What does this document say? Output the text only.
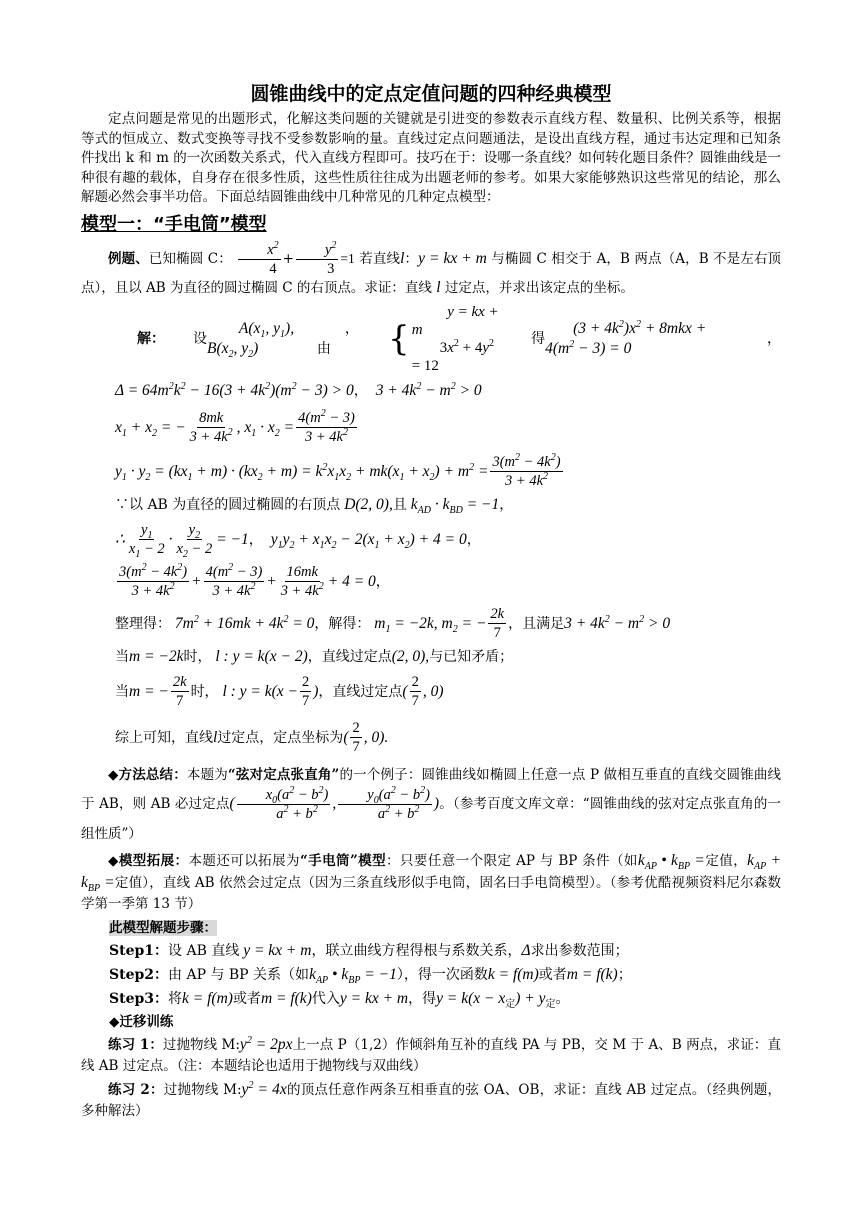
圆锥曲线中的定点定值问题的四种经典模型

定点问题是常见的出题形式，化解这类问题的关键就是引进变的参数表示直线方程、数量积、比例关系等，根据等式的恒成立、数式变换等寻找不受参数影响的量。直线过定点问题通法，是设出直线方程，通过韦达定理和已知条件找出 k 和 m 的一次函数关系式，代入直线方程即可。技巧在于：设哪一条直线？如何转化题目条件？圆锥曲线是一种很有趣的载体，自身存在很多性质，这些性质往往成为出题老师的参考。如果大家能够熟识这些常见的结论，那么解题必然会事半功倍。下面总结圆锥曲线中几种常见的几种定点模型：

模型一：“手电筒”模型

例题、已知椭圆 C： $\frac{x^2}{4} + \frac{y^2}{3} =1$ 若直线l：y = kx + m 与椭圆 C 相交于 A，B 两点（A，B 不是左右顶点），且以 AB 为直径的圆过椭圆 C 的右顶点。求证：直线 l 过定点，并求出该定点的坐标。

解：	设
$A(x_1$, $y_1$), $B(x_2$, $y_2$)
，由	{
y = kx + m
$3x^2 + 4y^2 = 12$
得
$(3 + 4k^2)x^2 + 8mkx + 4(m^2 - 3) = 0$
，
$\Delta = 64m^2k^2 - 16(3 + 4k^2)(m^2 - 3) > 0$ ， $3 + 4k^2 - m^2 > 0$
$x_1 + x_2$ = − $\frac{8mk}{3 + 4k^2}$ , $x_1 \cdot x_2 = \frac{4(m^2 - 3)}{3 + 4k^2}$
$y_1 \cdot y_2 = (kx_1 + m) \cdot (kx_2 + m) = k^2x_1x_2 + mk(x_1 + x_2) + m^2 = \frac{3(m^2 - 4k^2)}{3 + 4k^2}$
∵以 AB 为直径的圆过椭圆的右顶点 D(2, 0), 且 $k_{AD} \cdot k_{BD} = -1$ ，
∴ $\frac{y_1}{x_1 - 2} \cdot \frac{y_2}{x_2 - 2} = -1$ ， $y_1y_2 + x_1x_2 - 2(x_1 + x_2) + 4 = 0$ ，
$\frac{3(m^2 - 4k^2)}{3 + 4k^2} + \frac{4(m^2 - 3)}{3 + 4k^2} + \frac{16mk}{3 + 4k^2} + 4 = 0$ ，
整理得： $7m^2 + 16mk + 4k^2 = 0$ ，解得： $m_1 = -2k$, $m_2$ = − $\frac{2k}{7}$ ，且满足 $3 + 4k^2 - m^2 > 0$
当 m = −2k 时， l : y = k(x − 2) ，直线过定点 (2, 0), 与已知矛盾；
当 m = − $\frac{2k}{7}$ 时， l : $y = k(x - \frac{2}{7}$ ) ，直线过定点 ( $\frac{2}{7}$ , 0)
综上可知，直线 l 过定点，定点坐标为 ( $\frac{2}{7}$ , 0).

◆方法总结：本题为“弦对定点张直角”的一个例子：圆锥曲线如椭圆上任意一点 P 做相互垂直的直线交圆锥曲线于 AB，则 AB 必过定点( $\frac{x_0(a^2 - b^2)}{a^2 + b^2}$ , $\frac{y_0(a^2 - b^2)}{a^2 + b^2}$ )。（参考百度文库文章：“圆锥曲线的弦对定点张直角的一组性质”）

◆模型拓展：本题还可以拓展为“手电筒”模型：只要任意一个限定 AP 与 BP 条件（如$k_{AP}$ • $k_{BP}$ =定值，$k_{AP} + k_{BP}$ =定值），直线 AB 依然会过定点（因为三条直线形似手电筒，固名曰手电筒模型）。（参考优酷视频资料尼尔森数学第一季第 13 节）

此模型解题步骤：
Step1： 设 AB 直线 y = kx + m ，联立曲线方程得根与系数关系， Δ 求出参数范围；
Step2： 由 AP 与 BP 关系（如 $k_{AP}$ • $k_{BP} = -1$ ），得一次函数 k = f(m) 或者 m = f(k) ；
Step3： 将 k = f(m) 或者 m = f(k) 代入 y = kx + m ，得 $y = k(x - x_定) + y_定$ 。
◆迁移训练

练习 1：过抛物线 $M:y^2 = 2px$上一点 P（1,2）作倾斜角互补的直线 PA 与 PB，交 M 于 A、B 两点，求证：直线 AB 过定点。（注：本题结论也适用于抛物线与双曲线）

练习 2：过抛物线 $M:y^2 = 4x$的顶点任意作两条互相垂直的弦 OA、OB，求证：直线 AB 过定点。（经典例题，多种解法）
